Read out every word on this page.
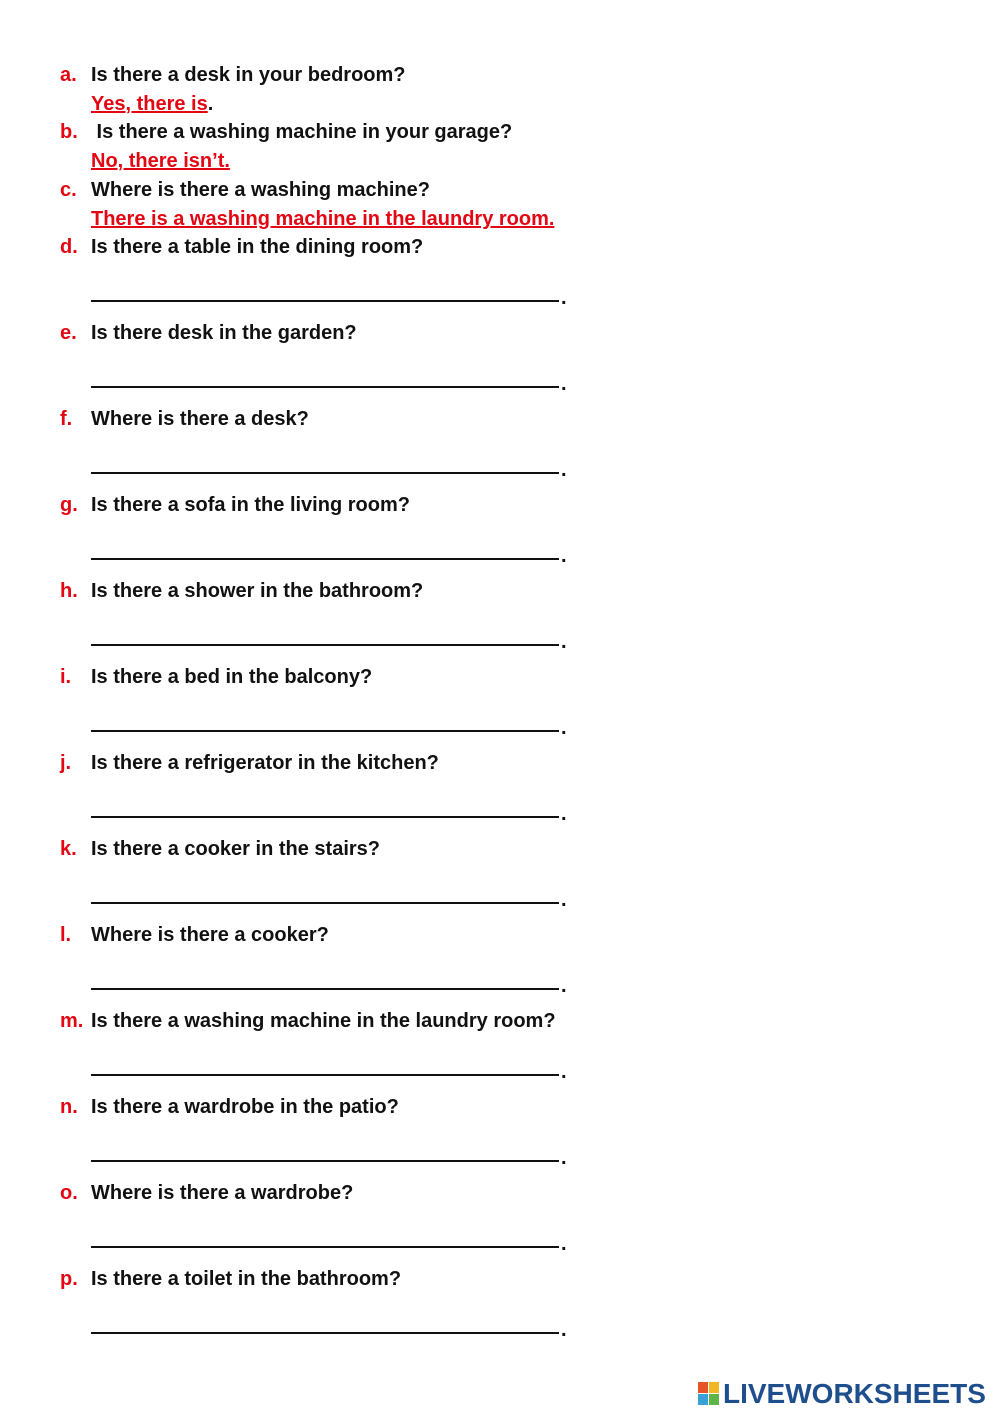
a. Is there a desk in your bedroom?
Yes, there is.
b. Is there a washing machine in your garage?
No, there isn’t.
c. Where is there a washing machine?
There is a washing machine in the laundry room.
d. Is there a table in the dining room?
.
e. Is there desk in the garden?
.
f. Where is there a desk?
.
g. Is there a sofa in the living room?
.
h. Is there a shower in the bathroom?
.
i. Is there a bed in the balcony?
.
j. Is there a refrigerator in the kitchen?
.
k. Is there a cooker in the stairs?
.
l. Where is there a cooker?
.
m. Is there a washing machine in the laundry room?
.
n. Is there a wardrobe in the patio?
.
o. Where is there a wardrobe?
.
p. Is there a toilet in the bathroom?
.
LIVEWORKSHEETS
